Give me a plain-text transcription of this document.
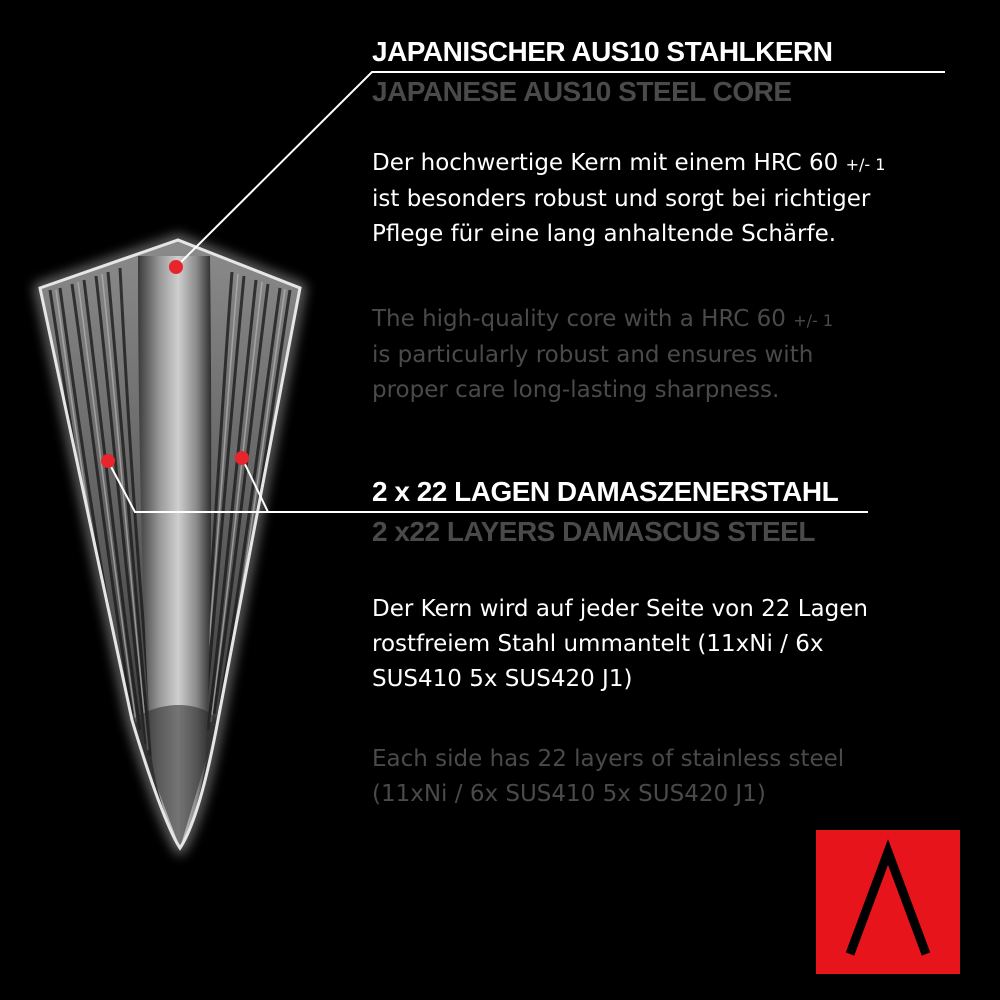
JAPANISCHER AUS10 STAHLKERN
JAPANESE AUS10 STEEL CORE

Der hochwertige Kern mit einem HRC 60 +/- 1
ist besonders robust und sorgt bei richtiger
Pflege für eine lang anhaltende Schärfe.

The high-quality core with a HRC 60 +/- 1
is particularly robust and ensures with
proper care long-lasting sharpness.

2 x 22 LAGEN DAMASZENERSTAHL
2 x22 LAYERS DAMASCUS STEEL

Der Kern wird auf jeder Seite von 22 Lagen
rostfreiem Stahl ummantelt (11xNi / 6x
SUS410 5x SUS420 J1)

Each side has 22 layers of stainless steel
(11xNi / 6x SUS410 5x SUS420 J1)
